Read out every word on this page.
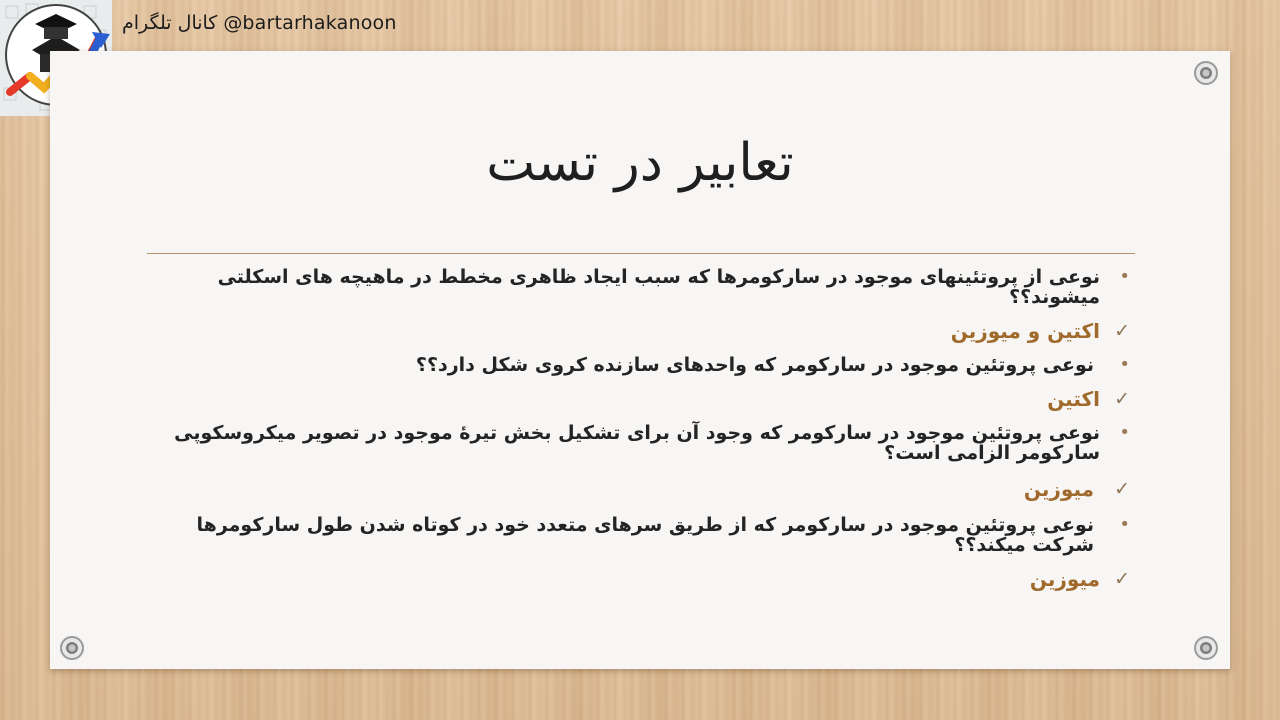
کانال تلگرام @bartarhakanoon
تعابیر در تست
•
نوعی از پروتئینهای موجود در سارکومرها که سبب ایجاد ظاهری مخطط در ماهیچه های اسکلتی میشوند؟؟
✓
اکتین و میوزین
•
نوعی پروتئین موجود در سارکومر که واحدهای سازنده کروی شکل دارد؟؟
✓
اکتین
•
نوعی پروتئین موجود در سارکومر که وجود آن برای تشکیل بخش تیرۀ موجود در تصویر میکروسکوپی سارکومر الزامی است؟
✓
میوزین
•
نوعی پروتئین موجود در سارکومر که از طریق سرهای متعدد خود در کوتاه شدن طول سارکومرها شرکت میکند؟؟
✓
میوزین
